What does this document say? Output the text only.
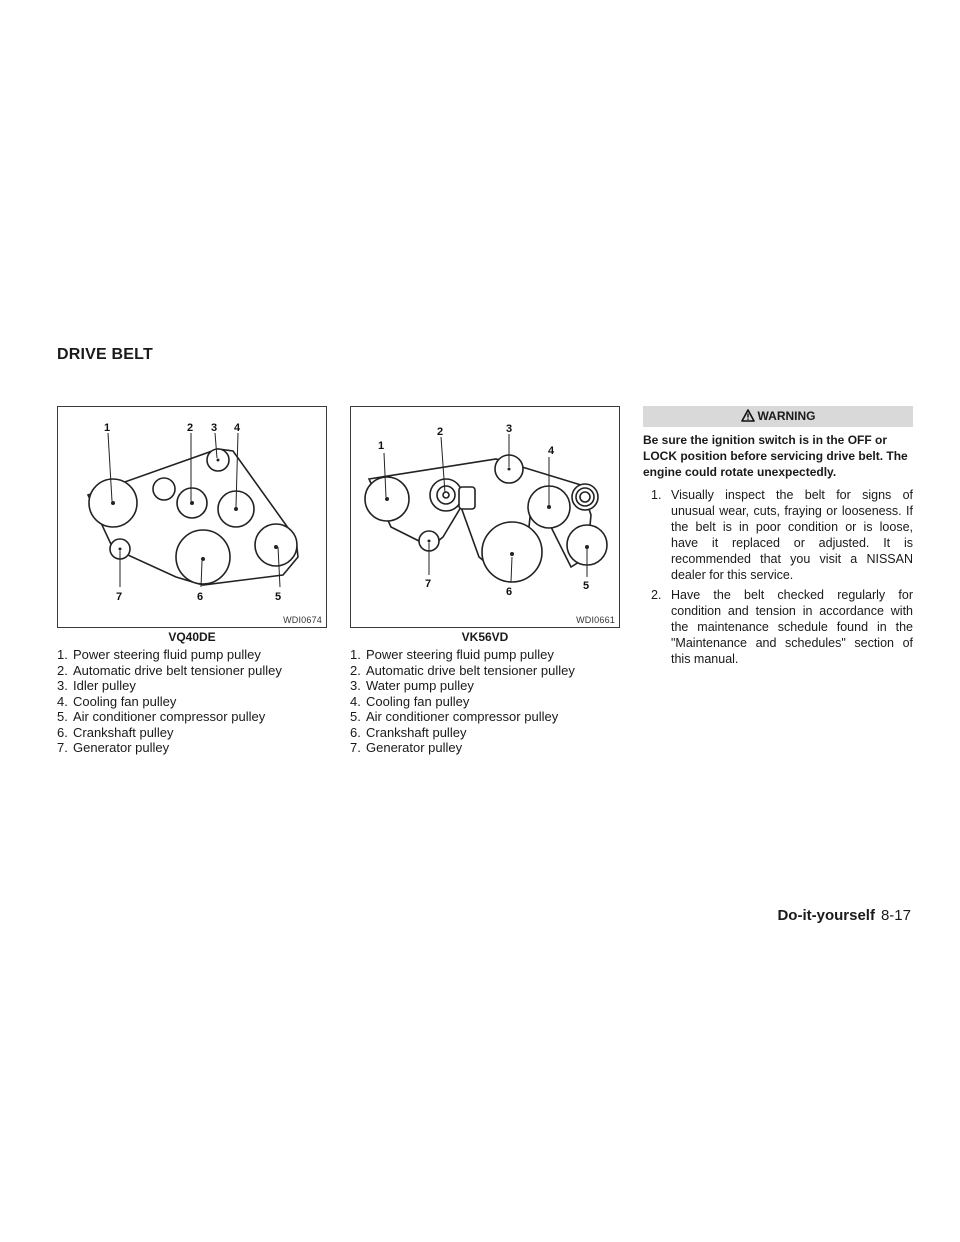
DRIVE BELT
1	2 3 4
5
6
7
WDI0674
VQ40DE
1. Power steering fluid pump pulley
2. Automatic drive belt tensioner pulley
3. Idler pulley
4. Cooling fan pulley
5. Air conditioner compressor pulley
6. Crankshaft pulley
7. Generator pulley
1
2	3
4
5
6
7
WDI0661
VK56VD
1. Power steering fluid pump pulley
2. Automatic drive belt tensioner pulley
3. Water pump pulley
4. Cooling fan pulley
5. Air conditioner compressor pulley
6. Crankshaft pulley
7. Generator pulley
WARNING

Be sure the ignition switch is in the OFF or LOCK position before servicing drive belt. The engine could rotate unexpectedly.

1. Visually inspect the belt for signs of unusual wear, cuts, fraying or looseness. If the belt is in poor condition or is loose, have it replaced or adjusted. It is recommended that you visit a NISSAN dealer for this service.
2. Have the belt checked regularly for condition and tension in accordance with the maintenance schedule found in the "Maintenance and schedules" section of this manual.
Do-it-yourself 8-17
